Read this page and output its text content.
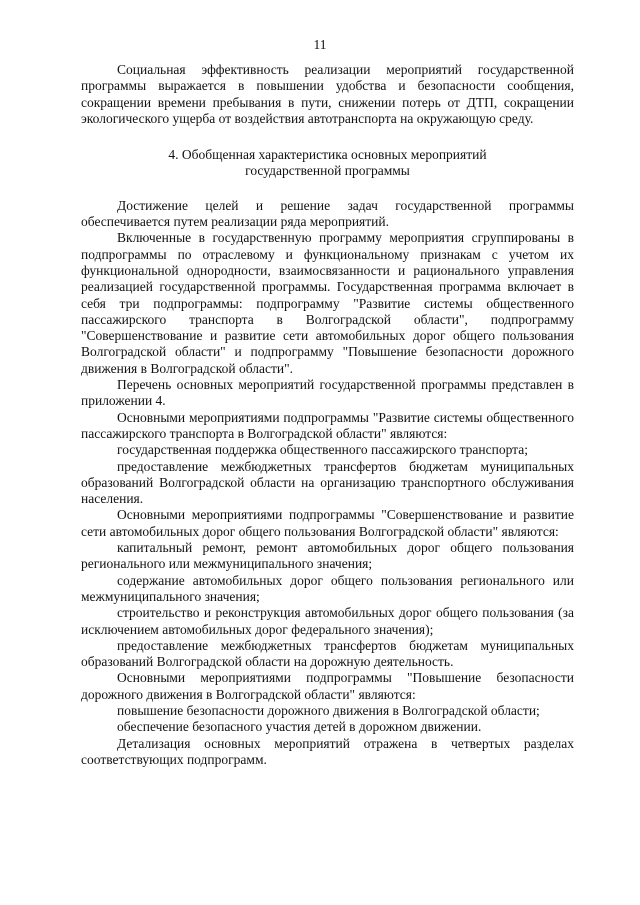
11

Социальная эффективность реализации мероприятий государственной программы выражается в повышении удобства и безопасности сообщения, сокращении времени пребывания в пути, снижении потерь от ДТП, сокращении экологического ущерба от воздействия автотранспорта на окружающую среду.

4. Обобщенная характеристика основных мероприятий
государственной программы

Достижение целей и решение задач государственной программы обеспечивается путем реализации ряда мероприятий.

Включенные в государственную программу мероприятия сгруппированы в подпрограммы по отраслевому и функциональному признакам с учетом их функциональной однородности, взаимосвязанности и рационального управления реализацией государственной программы. Государственная программа включает в себя три подпрограммы: подпрограмму "Развитие системы общественного пассажирского транспорта в Волгоградской области", подпрограмму "Совершенствование и развитие сети автомобильных дорог общего пользования Волгоградской области" и подпрограмму "Повышение безопасности дорожного движения в Волгоградской области".

Перечень основных мероприятий государственной программы представлен в приложении 4.

Основными мероприятиями подпрограммы "Развитие системы общественного пассажирского транспорта в Волгоградской области" являются:

государственная поддержка общественного пассажирского транспорта;

предоставление межбюджетных трансфертов бюджетам муниципальных образований Волгоградской области на организацию транспортного обслуживания населения.

Основными мероприятиями подпрограммы "Совершенствование и развитие сети автомобильных дорог общего пользования Волгоградской области" являются:

капитальный ремонт, ремонт автомобильных дорог общего пользования регионального или межмуниципального значения;

содержание автомобильных дорог общего пользования регионального или межмуниципального значения;

строительство и реконструкция автомобильных дорог общего пользования (за исключением автомобильных дорог федерального значения);

предоставление межбюджетных трансфертов бюджетам муниципальных образований Волгоградской области на дорожную деятельность.

Основными мероприятиями подпрограммы "Повышение безопасности дорожного движения в Волгоградской области" являются:

повышение безопасности дорожного движения в Волгоградской области;

обеспечение безопасного участия детей в дорожном движении.

Детализация основных мероприятий отражена в четвертых разделах соответствующих подпрограмм.
